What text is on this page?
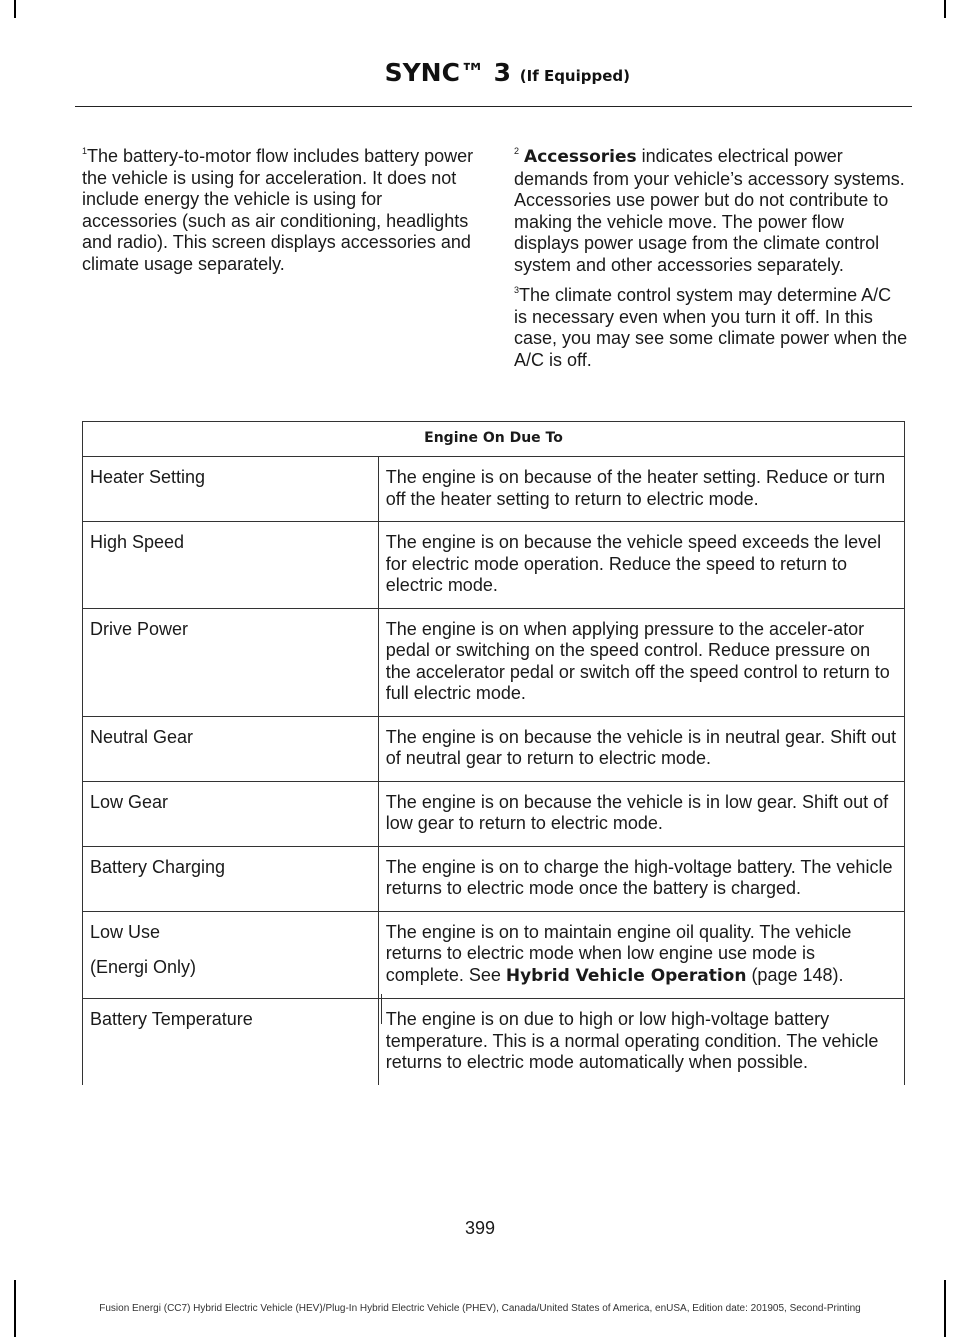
SYNC™ 3 (If Equipped)

$^1$The battery-to-motor flow includes battery power the vehicle is using for acceleration. It does not include energy the vehicle is using for accessories (such as air conditioning, headlights and radio). This screen displays accessories and climate usage separately.

$^2$ Accessories indicates electrical power demands from your vehicle’s accessory systems. Accessories use power but do not contribute to making the vehicle move. The power flow displays power usage from the climate control system and other accessories separately.

$^3$The climate control system may determine A/C is necessary even when you turn it off. In this case, you may see some climate power when the A/C is off.

Engine On Due To	
Heater Setting	The engine is on because of the heater setting. Reduce or turn off the heater setting to return to electric mode.
High Speed	The engine is on because the vehicle speed exceeds the level for electric mode operation. Reduce the speed to return to electric mode.
Drive Power	The engine is on when applying pressure to the acceler-ator pedal or switching on the speed control. Reduce pressure on the accelerator pedal or switch off the speed control to return to full electric mode.
Neutral Gear	The engine is on because the vehicle is in neutral gear. Shift out of neutral gear to return to electric mode.
Low Gear	The engine is on because the vehicle is in low gear. Shift out of low gear to return to electric mode.
Battery Charging	The engine is on to charge the high-voltage battery. The vehicle returns to electric mode once the battery is charged.

Low Use

(Energi Only)	The engine is on to maintain engine oil quality. The vehicle returns to electric mode when low engine use mode is complete. See Hybrid Vehicle Operation (page 148).
Battery Temperature	The engine is on due to high or low high-voltage battery temperature. This is a normal operating condition. The vehicle returns to electric mode automatically when possible.
399
Fusion Energi (CC7) Hybrid Electric Vehicle (HEV)/Plug-In Hybrid Electric Vehicle (PHEV), Canada/United States of America, enUSA, Edition date: 201905, Second-Printing
